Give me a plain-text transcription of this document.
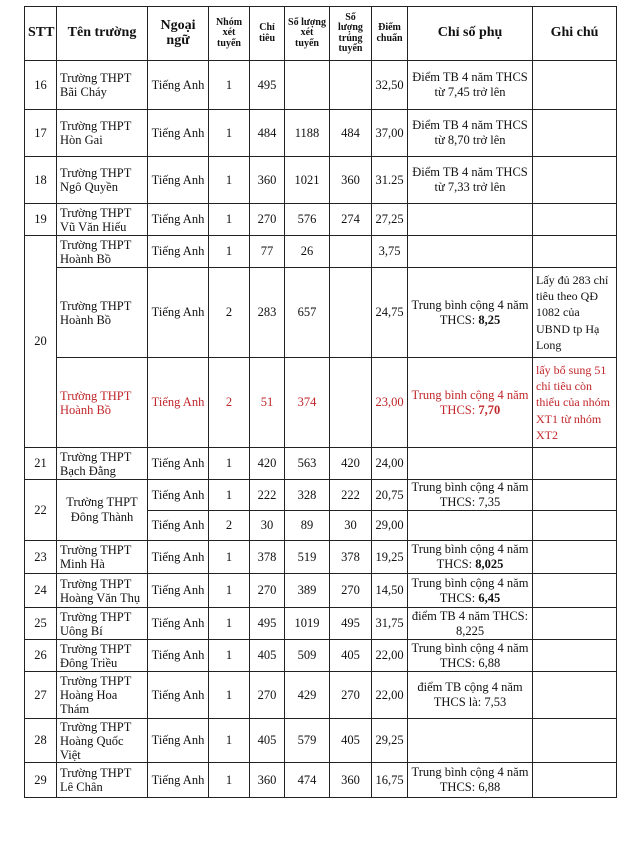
STT	Tên trường	Ngoại ngữ	Nhóm xét tuyển	Chỉ tiêu	Số lượng xét tuyển	Số lượng trúng tuyển	Điểm chuẩn	Chỉ số phụ	Ghi chú
16	Trường THPT Bãi Cháy	Tiếng Anh	1	495			32,50	Điểm TB 4 năm THCS từ 7,45 trở lên	
17	Trường THPT Hòn Gai	Tiếng Anh	1	484	1188	484	37,00	Điểm TB 4 năm THCS từ 8,70 trở lên	
18	Trường THPT Ngô Quyền	Tiếng Anh	1	360	1021	360	31.25	Điểm TB 4 năm THCS từ 7,33 trở lên	
19	Trường THPT Vũ Văn Hiếu	Tiếng Anh	1	270	576	274	27,25		
20	Trường THPT Hoành Bồ	Tiếng Anh	1	77	26		3,75		
	Trường THPT Hoành Bồ	Tiếng Anh	2	283	657		24,75	Trung bình cộng 4 năm THCS: 8,25	Lấy đủ 283 chỉ tiêu theo QĐ 1082 của UBND tp Hạ Long
	Trường THPT Hoành Bồ	Tiếng Anh	2	51	374		23,00	Trung bình cộng 4 năm THCS: 7,70	lấy bổ sung 51 chỉ tiêu còn thiếu của nhóm XT1 từ nhóm XT2
21	Trường THPT Bạch Đằng	Tiếng Anh	1	420	563	420	24,00		
22	Trường THPT Đông Thành	Tiếng Anh	1	222	328	222	20,75	Trung bình cộng 4 năm THCS: 7,35	
		Tiếng Anh	2	30	89	30	29,00		
23	Trường THPT Minh Hà	Tiếng Anh	1	378	519	378	19,25	Trung bình cộng 4 năm THCS: 8,025	
24	Trường THPT Hoàng Văn Thụ	Tiếng Anh	1	270	389	270	14,50	Trung bình cộng 4 năm THCS: 6,45	
25	Trường THPT Uông Bí	Tiếng Anh	1	495	1019	495	31,75	điểm TB 4 năm THCS: 8,225	
26	Trường THPT Đông Triều	Tiếng Anh	1	405	509	405	22,00	Trung bình cộng 4 năm THCS: 6,88	
27	Trường THPT Hoàng Hoa Thám	Tiếng Anh	1	270	429	270	22,00	điểm TB cộng 4 năm THCS là: 7,53	
28	Trường THPT Hoàng Quốc Việt	Tiếng Anh	1	405	579	405	29,25		
29	Trường THPT Lê Chân	Tiếng Anh	1	360	474	360	16,75	Trung bình cộng 4 năm THCS: 6,88	
